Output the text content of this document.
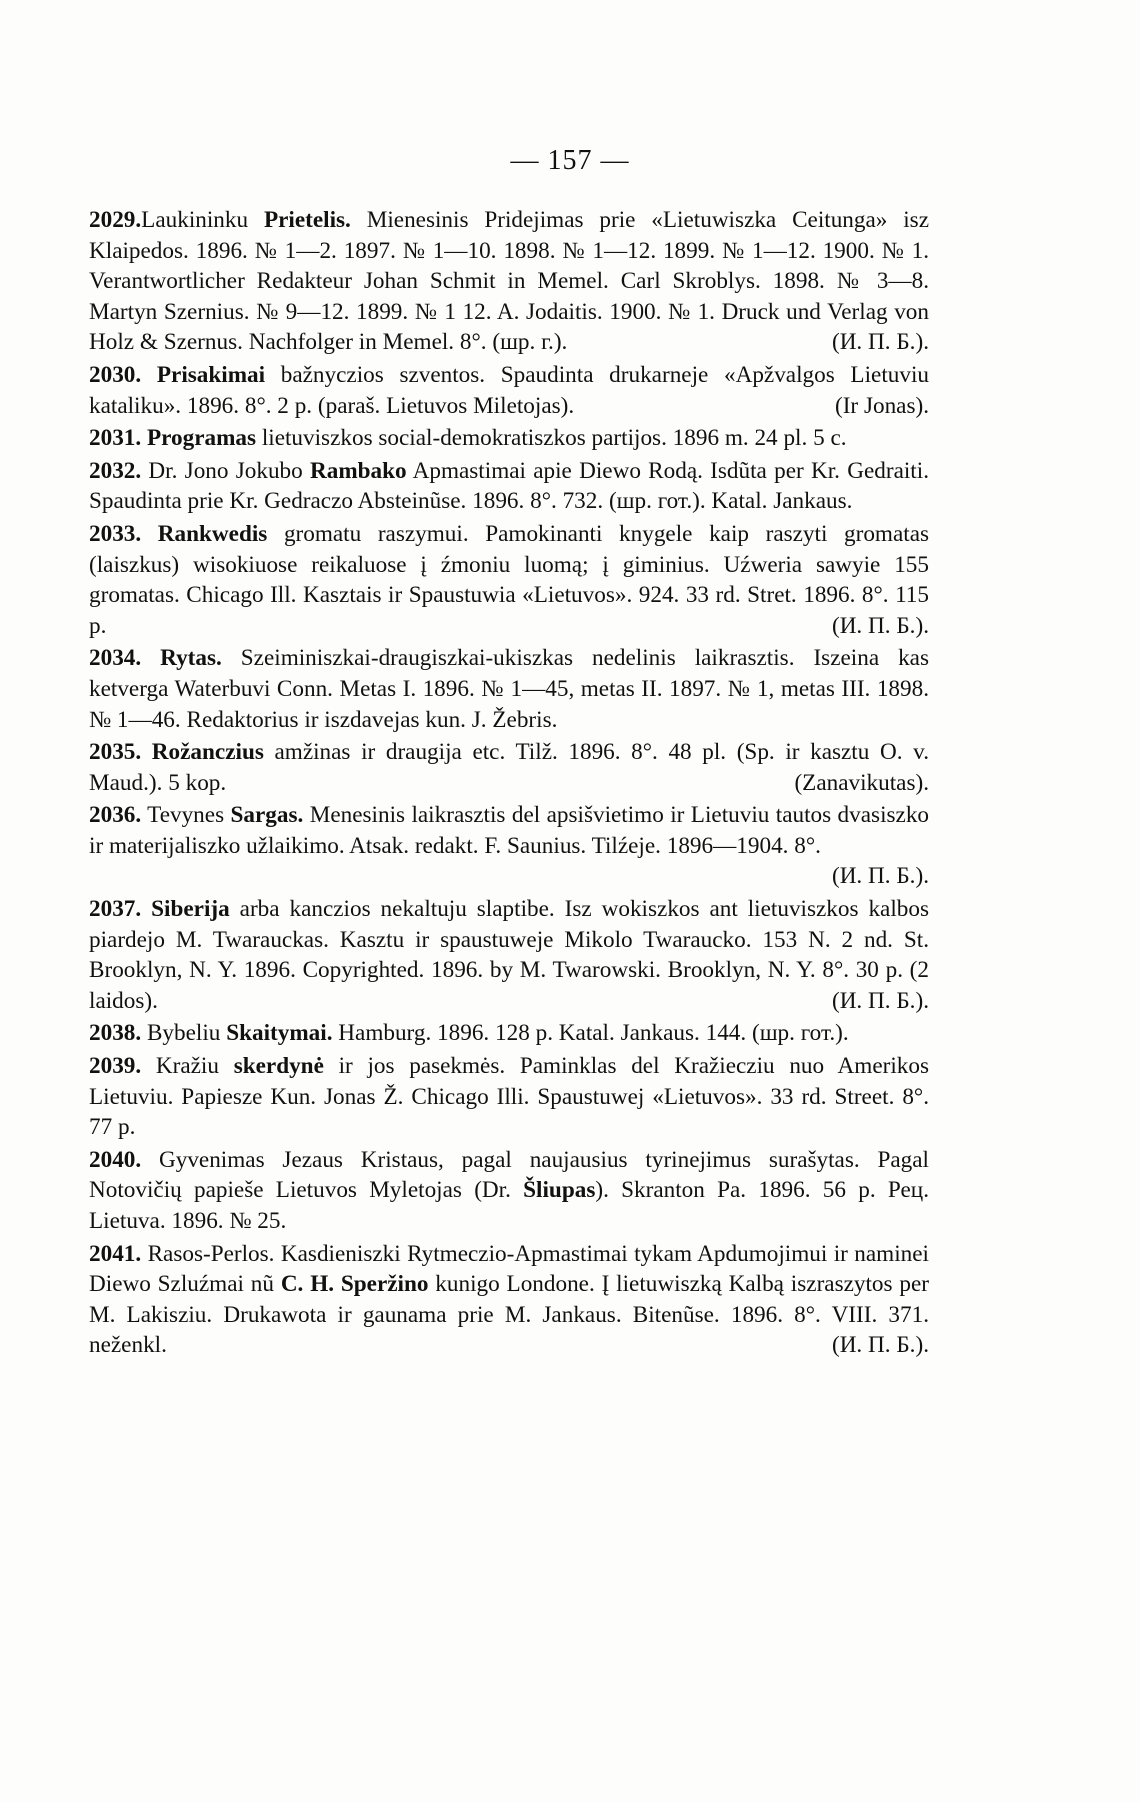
— 157 —
2029.Laukininku Prietelis. Mienesinis Pridejimas prie «Lietuwiszka Ceitunga» isz Klaipedos. 1896. № 1—2. 1897. № 1—10. 1898. № 1—12. 1899. № 1—12. 1900. № 1. Verantwortlicher Redakteur Johan Schmit in Memel. Carl Skroblys. 1898. № 3—8. Martyn Szernius. № 9—12. 1899. № 1 12. A. Jodaitis. 1900. № 1. Druck und Verlag von Holz & Szernus. Nachfolger in Memel. 8°. (шр. г.).	(И. П. Б.).
2030. Prisakimai bažnyczios szventos. Spaudinta drukarneje «Apžvalgos Lietuviu kataliku». 1896. 8°. 2 p. (paraš. Lietuvos Miletojas).	(Ir Jonas).
2031. Programas lietuviszkos social-demokratiszkos partijos. 1896 m. 24 pl. 5 c.
2032. Dr. Jono Jokubo Rambako Apmastimai apie Diewo Rodą. Isdũta per Kr. Gedraiti. Spaudinta prie Kr. Gedraczo Absteinũse. 1896. 8°. 732. (шр. гот.). Katal. Jankaus.
2033. Rankwedis gromatu raszymui. Pamokinanti knygele kaip raszyti gromatas (laiszkus) wisokiuose reikaluose į źmoniu luomą; į giminius. Uźweria sawyie 155 gromatas. Chicago Ill. Kasztais ir Spaustuwia «Lietuvos». 924. 33 rd. Stret. 1896. 8°. 115 p.	(И. П. Б.).
2034. Rytas. Szeiminiszkai-draugiszkai-ukiszkas nedelinis laikrasztis. Iszeina kas ketverga Waterbuvi Conn. Metas I. 1896. № 1—45, metas II. 1897. № 1, metas III. 1898. № 1—46. Redaktorius ir iszdavejas kun. J. Žebris.
2035. Rožanczius amžinas ir draugija etc. Tilž. 1896. 8°. 48 pl. (Sp. ir kasztu O. v. Maud.). 5 kop.	(Zanavikutas).
2036. Tevynes Sargas. Menesinis laikrasztis del apsišvietimo ir Lietuviu tautos dvasiszko ir materijaliszko užlaikimo. Atsak. redakt. F. Saunius. Tilźeje. 1896—1904. 8°.
(И. П. Б.).
2037. Siberija arba kanczios nekaltuju slaptibe. Isz wokiszkos ant lietuviszkos kalbos piardejo M. Twarauckas. Kasztu ir spaustuweje Mikolo Twaraucko. 153 N. 2 nd. St. Brooklyn, N. Y. 1896. Copyrighted. 1896. by M. Twarowski. Brooklyn, N. Y. 8°. 30 p. (2 laidos).	(И. П. Б.).
2038. Bybeliu Skaitymai. Hamburg. 1896. 128 p. Katal. Jankaus. 144. (шр. гот.).
2039. Kražiu skerdynė ir jos pasekmės. Paminklas del Kražiecziu nuo Amerikos Lietuviu. Papiesze Kun. Jonas Ž. Chicago Illi. Spaustuwej «Lietuvos». 33 rd. Street. 8°. 77 p.
2040. Gyvenimas Jezaus Kristaus, pagal naujausius tyrinejimus surašytas. Pagal Notovičių papieše Lietuvos Myletojas (Dr. Šliupas). Skranton Pa. 1896. 56 p. Рец. Lietuva. 1896. № 25.
2041. Rasos-Perlos. Kasdieniszki Rytmeczio-Apmastimai tykam Apdumojimui ir naminei Diewo Szluźmai nũ C. H. Speržino kunigo Londone. Į lietuwiszką Kalbą iszraszytos per M. Lakisziu. Drukawota ir gaunama prie M. Jankaus. Bitenũse. 1896. 8°. VIII. 371. neženkl.	(И. П. Б.).
